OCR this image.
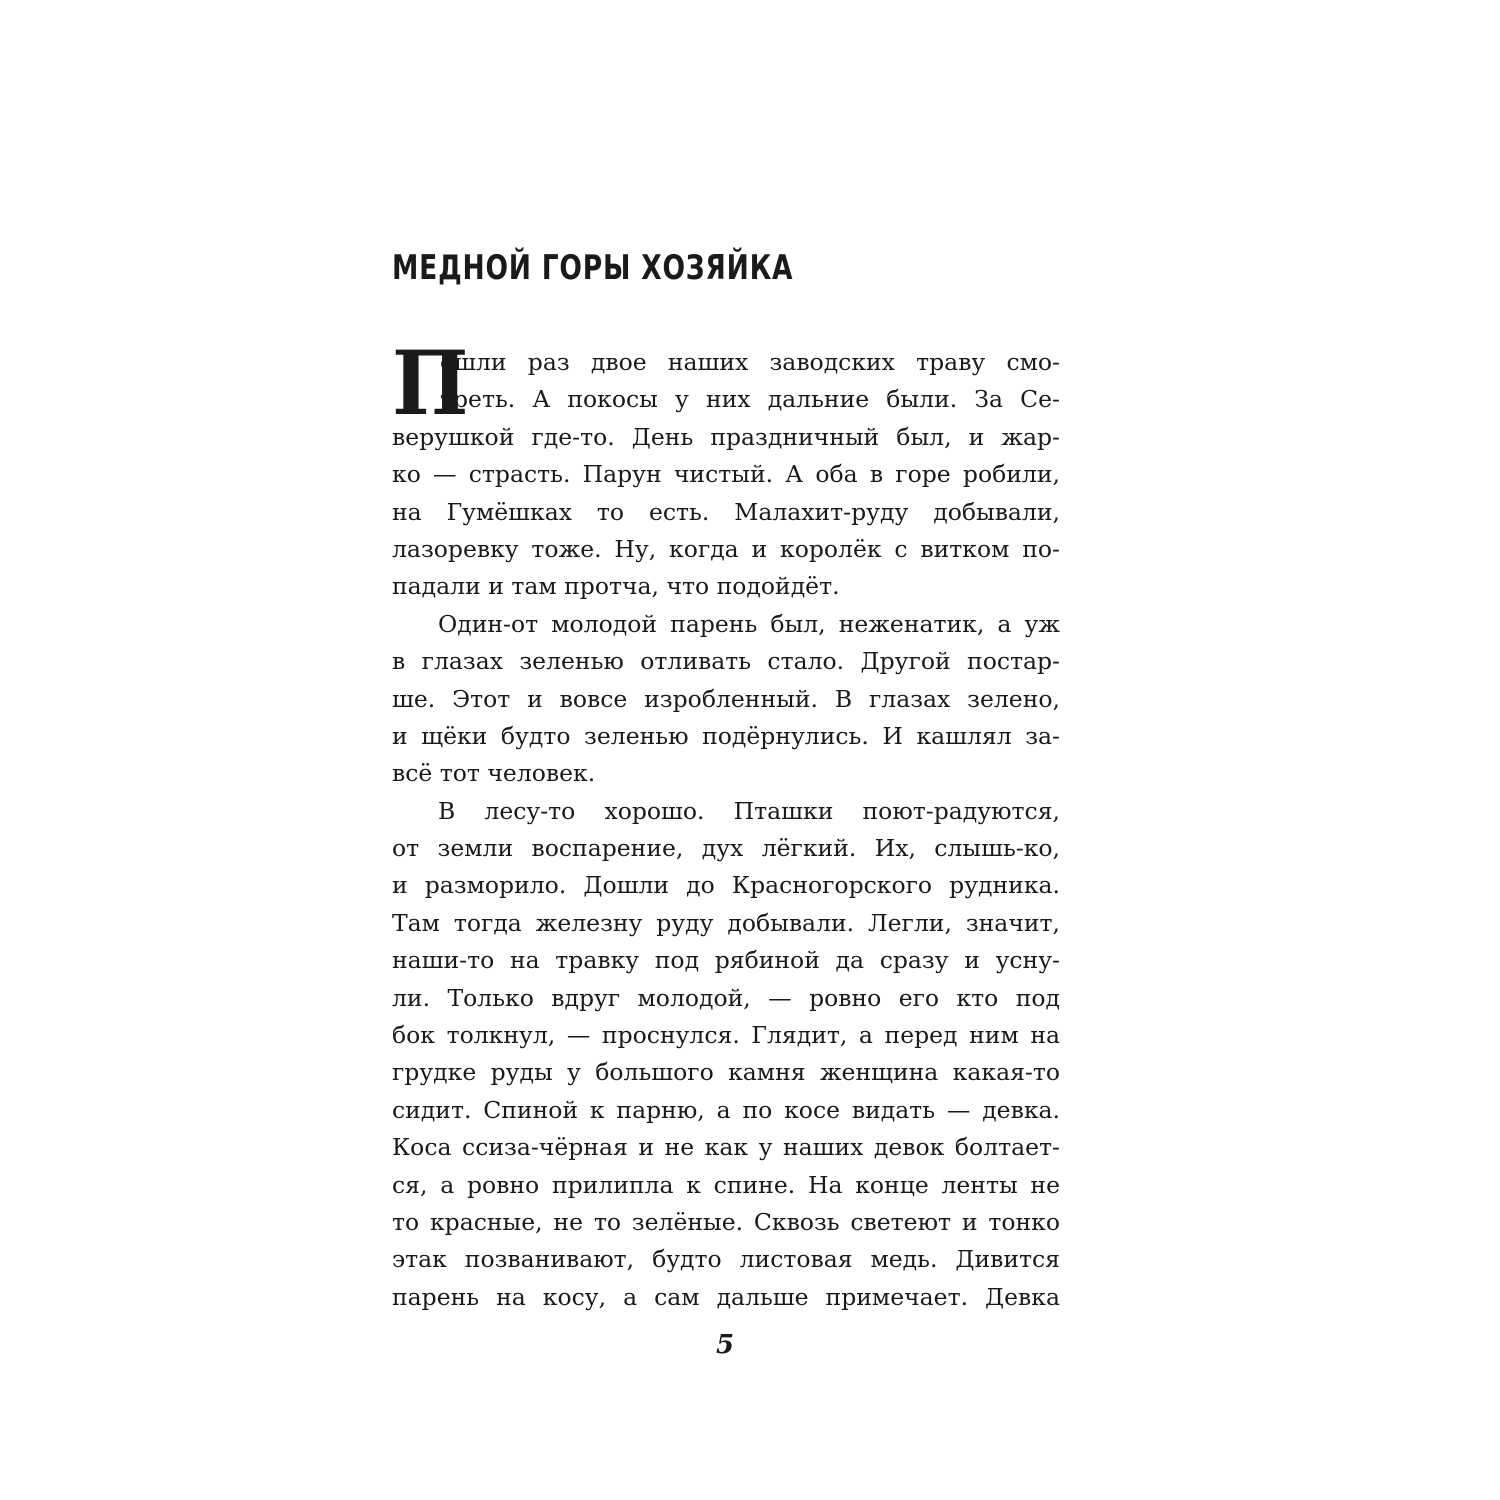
МЕДНОЙ ГОРЫ ХОЗЯЙКА
П
ошли раз двое наших заводских траву смо-
треть. А покосы у них дальние были. За Се-
верушкой где-то. День праздничный был, и жар-
ко — страсть. Парун чистый. А оба в горе робили,
на Гумёшках то есть. Малахит-руду добывали,
лазоревку тоже. Ну, когда и королёк с витком по-
падали и там протча, что подойдёт.
Один-от молодой парень был, неженатик, а уж
в глазах зеленью отливать стало. Другой постар-
ше. Этот и вовсе изробленный. В глазах зелено,
и щёки будто зеленью подёрнулись. И кашлял за-
всё тот человек.
В лесу-то хорошо. Пташки поют-радуются,
от земли воспарение, дух лёгкий. Их, слышь-ко,
и разморило. Дошли до Красногорского рудника.
Там тогда железну руду добывали. Легли, значит,
наши-то на травку под рябиной да сразу и усну-
ли. Только вдруг молодой, — ровно его кто под
бок толкнул, — проснулся. Глядит, а перед ним на
грудке руды у большого камня женщина какая-то
сидит. Спиной к парню, а по косе видать — девка.
Коса ссиза-чёрная и не как у наших девок болтает-
ся, а ровно прилипла к спине. На конце ленты не
то красные, не то зелёные. Сквозь светеют и тонко
этак позванивают, будто листовая медь. Дивится
парень на косу, а сам дальше примечает. Девка
5
